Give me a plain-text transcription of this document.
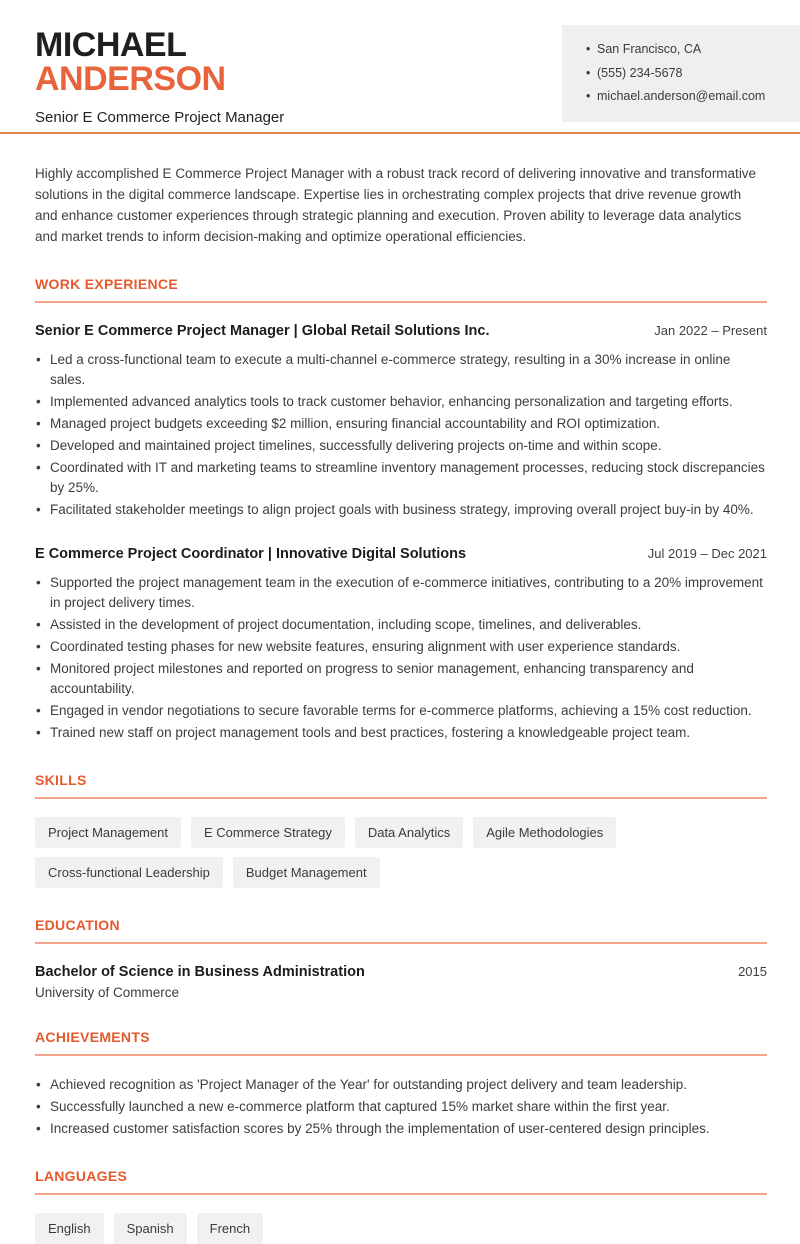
MICHAEL
ANDERSON
Senior E Commerce Project Manager
• San Francisco, CA
• (555) 234-5678
• michael.anderson@email.com

Highly accomplished E Commerce Project Manager with a robust track record of delivering innovative and transformative solutions in the digital commerce landscape. Expertise lies in orchestrating complex projects that drive revenue growth and enhance customer experiences through strategic planning and execution. Proven ability to leverage data analytics and market trends to inform decision-making and optimize operational efficiencies.

WORK EXPERIENCE
Senior E Commerce Project Manager | Global Retail Solutions Inc.	Jan 2022 – Present
• Led a cross-functional team to execute a multi-channel e-commerce strategy, resulting in a 30% increase in online sales.
• Implemented advanced analytics tools to track customer behavior, enhancing personalization and targeting efforts.
• Managed project budgets exceeding $2 million, ensuring financial accountability and ROI optimization.
• Developed and maintained project timelines, successfully delivering projects on-time and within scope.
• Coordinated with IT and marketing teams to streamline inventory management processes, reducing stock discrepancies by 25%.
• Facilitated stakeholder meetings to align project goals with business strategy, improving overall project buy-in by 40%.
E Commerce Project Coordinator | Innovative Digital Solutions	Jul 2019 – Dec 2021
• Supported the project management team in the execution of e-commerce initiatives, contributing to a 20% improvement in project delivery times.
• Assisted in the development of project documentation, including scope, timelines, and deliverables.
• Coordinated testing phases for new website features, ensuring alignment with user experience standards.
• Monitored project milestones and reported on progress to senior management, enhancing transparency and accountability.
• Engaged in vendor negotiations to secure favorable terms for e-commerce platforms, achieving a 15% cost reduction.
• Trained new staff on project management tools and best practices, fostering a knowledgeable project team.
SKILLS
Project Management	E Commerce Strategy	Data Analytics	Agile Methodologies
Cross-functional Leadership	Budget Management
EDUCATION
Bachelor of Science in Business Administration	2015
University of Commerce
ACHIEVEMENTS
• Achieved recognition as 'Project Manager of the Year' for outstanding project delivery and team leadership.
• Successfully launched a new e-commerce platform that captured 15% market share within the first year.
• Increased customer satisfaction scores by 25% through the implementation of user-centered design principles.
LANGUAGES
English	Spanish	French
